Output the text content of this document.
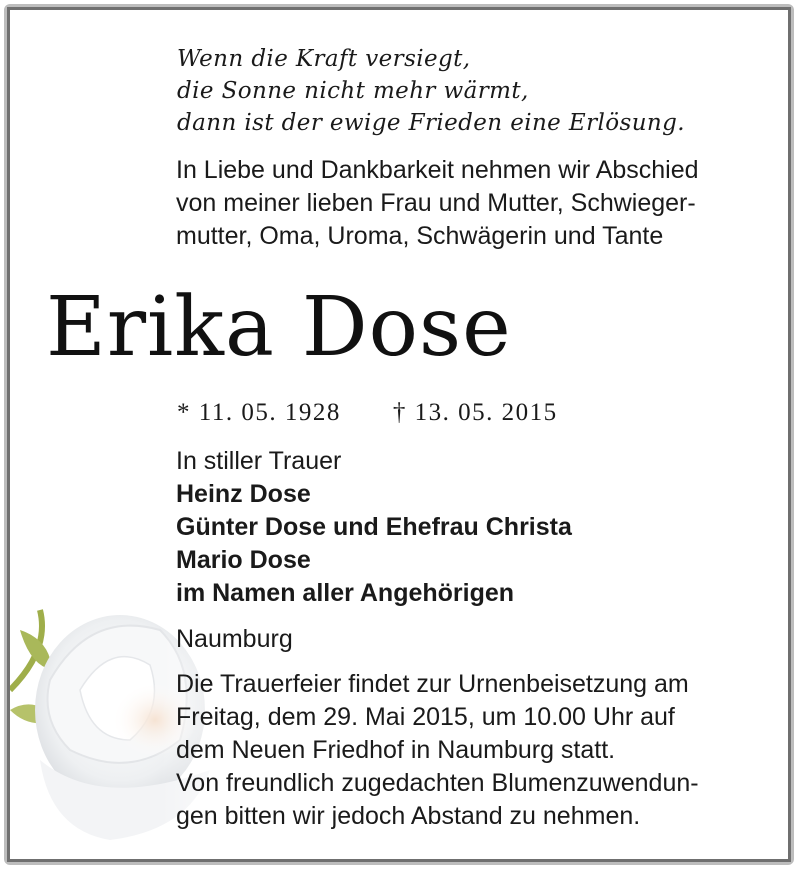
Wenn die Kraft versiegt,
die Sonne nicht mehr wärmt,
dann ist der ewige Frieden eine Erlösung.
In Liebe und Dankbarkeit nehmen wir Abschied
von meiner lieben Frau und Mutter, Schwieger-
mutter, Oma, Uroma, Schwägerin und Tante
Erika Dose
* 11. 05. 1928 † 13. 05. 2015
In stiller Trauer
Heinz Dose
Günter Dose und Ehefrau Christa
Mario Dose
im Namen aller Angehörigen
Naumburg
Die Trauerfeier findet zur Urnenbeisetzung am
Freitag, dem 29. Mai 2015, um 10.00 Uhr auf
dem Neuen Friedhof in Naumburg statt.
Von freundlich zugedachten Blumenzuwendun-
gen bitten wir jedoch Abstand zu nehmen.
